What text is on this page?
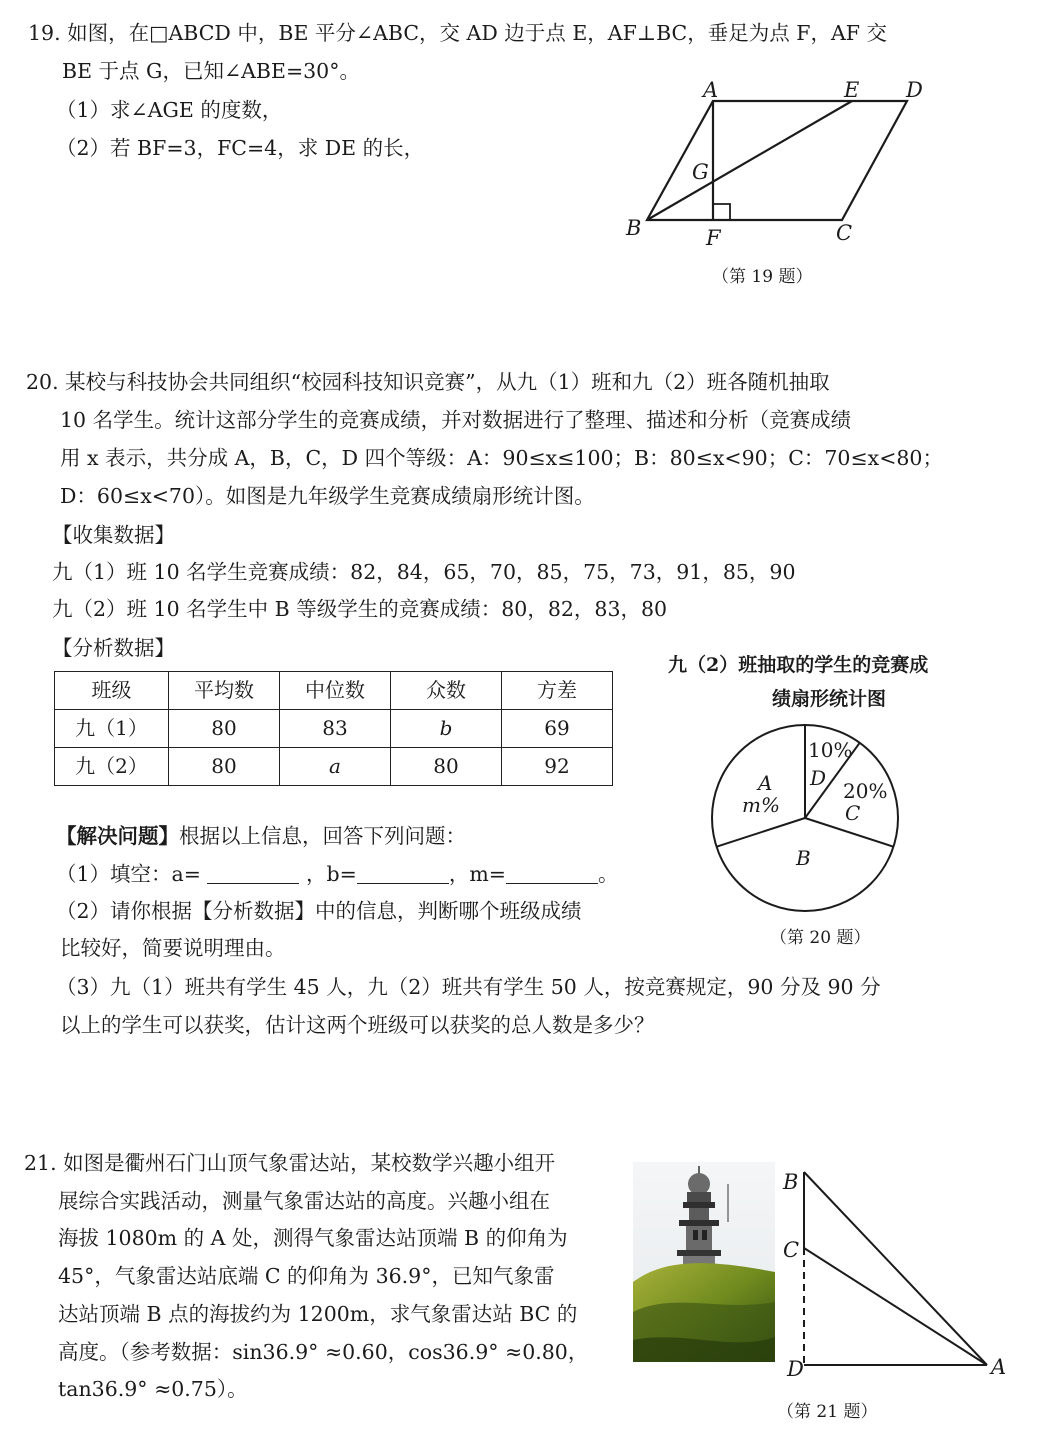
19. 如图，在□ABCD 中，BE 平分∠ABC，交 AD 边于点 E，AF⊥BC，垂足为点 F，AF 交
BE 于点 G，已知∠ABE=30°。
（1）求∠AGE 的度数，
（2）若 BF=3，FC=4，求 DE 的长，
A	E D
G
B	F	C
（第 19 题）
20. 某校与科技协会共同组织“校园科技知识竞赛”，从九（1）班和九（2）班各随机抽取
10 名学生。统计这部分学生的竞赛成绩，并对数据进行了整理、描述和分析（竞赛成绩
用 x 表示，共分成 A，B，C，D 四个等级：A：90≤x≤100；B：80≤x<90；C：70≤x<80；
D：60≤x<70）。如图是九年级学生竞赛成绩扇形统计图。
【收集数据】
九（1）班 10 名学生竞赛成绩：82，84，65，70，85，75，73，91，85，90
九（2）班 10 名学生中 B 等级学生的竞赛成绩：80，82，83，80
【分析数据】
班级	平均数	中位数	众数	方差
九（1）	80	83	b	69
九（2）	80	a	80	92
【解决问题】根据以上信息，回答下列问题：
（1）填空：a=	，b=	，m=	。
（2）请你根据【分析数据】中的信息，判断哪个班级成绩
比较好，简要说明理由。
（3）九（1）班共有学生 45 人，九（2）班共有学生 50 人，按竞赛规定，90 分及 90 分
以上的学生可以获奖，估计这两个班级可以获奖的总人数是多少？
九（2）班抽取的学生的竞赛成
绩扇形统计图
10%
D
20%
C
B
A
m%
（第 20 题）
21. 如图是衢州石门山顶气象雷达站，某校数学兴趣小组开
展综合实践活动，测量气象雷达站的高度。兴趣小组在
海拔 1080m 的 A 处，测得气象雷达站顶端 B 的仰角为
45°，气象雷达站底端 C 的仰角为 36.9°，已知气象雷
达站顶端 B 点的海拔约为 1200m，求气象雷达站 BC 的
高度。（参考数据：sin36.9° ≈0.60，cos36.9° ≈0.80，
tan36.9° ≈0.75）。
B
C
D	A
（第 21 题）
